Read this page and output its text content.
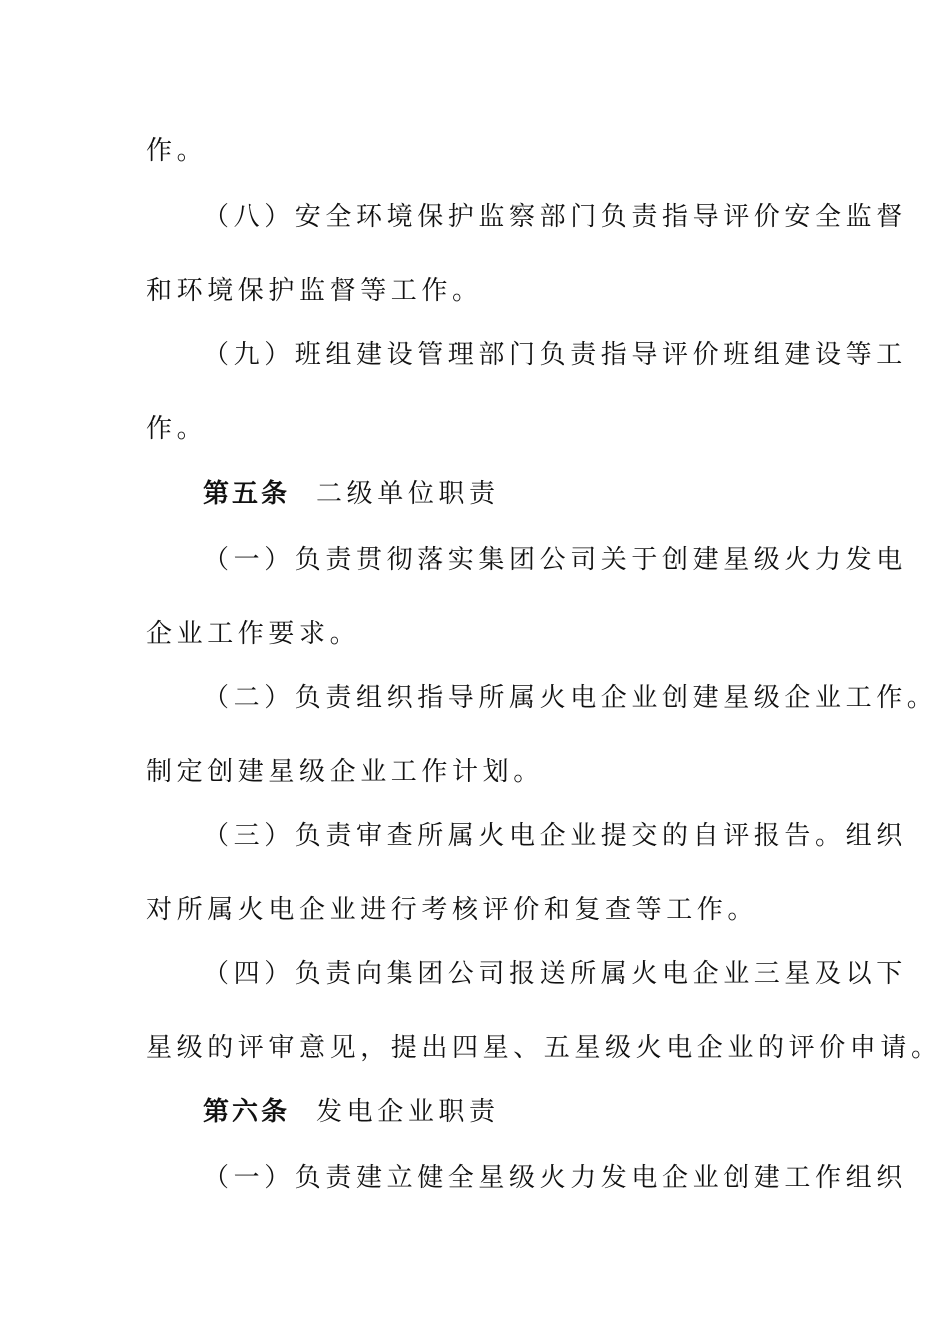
作。
（八）安全环境保护监察部门负责指导评价安全监督
和环境保护监督等工作。
（九）班组建设管理部门负责指导评价班组建设等工
作。
第五条 二级单位职责
（一）负责贯彻落实集团公司关于创建星级火力发电
企业工作要求。
（二）负责组织指导所属火电企业创建星级企业工作。
制定创建星级企业工作计划。
（三）负责审查所属火电企业提交的自评报告。组织
对所属火电企业进行考核评价和复查等工作。
（四）负责向集团公司报送所属火电企业三星及以下
星级的评审意见，提出四星、五星级火电企业的评价申请。
第六条 发电企业职责
（一）负责建立健全星级火力发电企业创建工作组织
